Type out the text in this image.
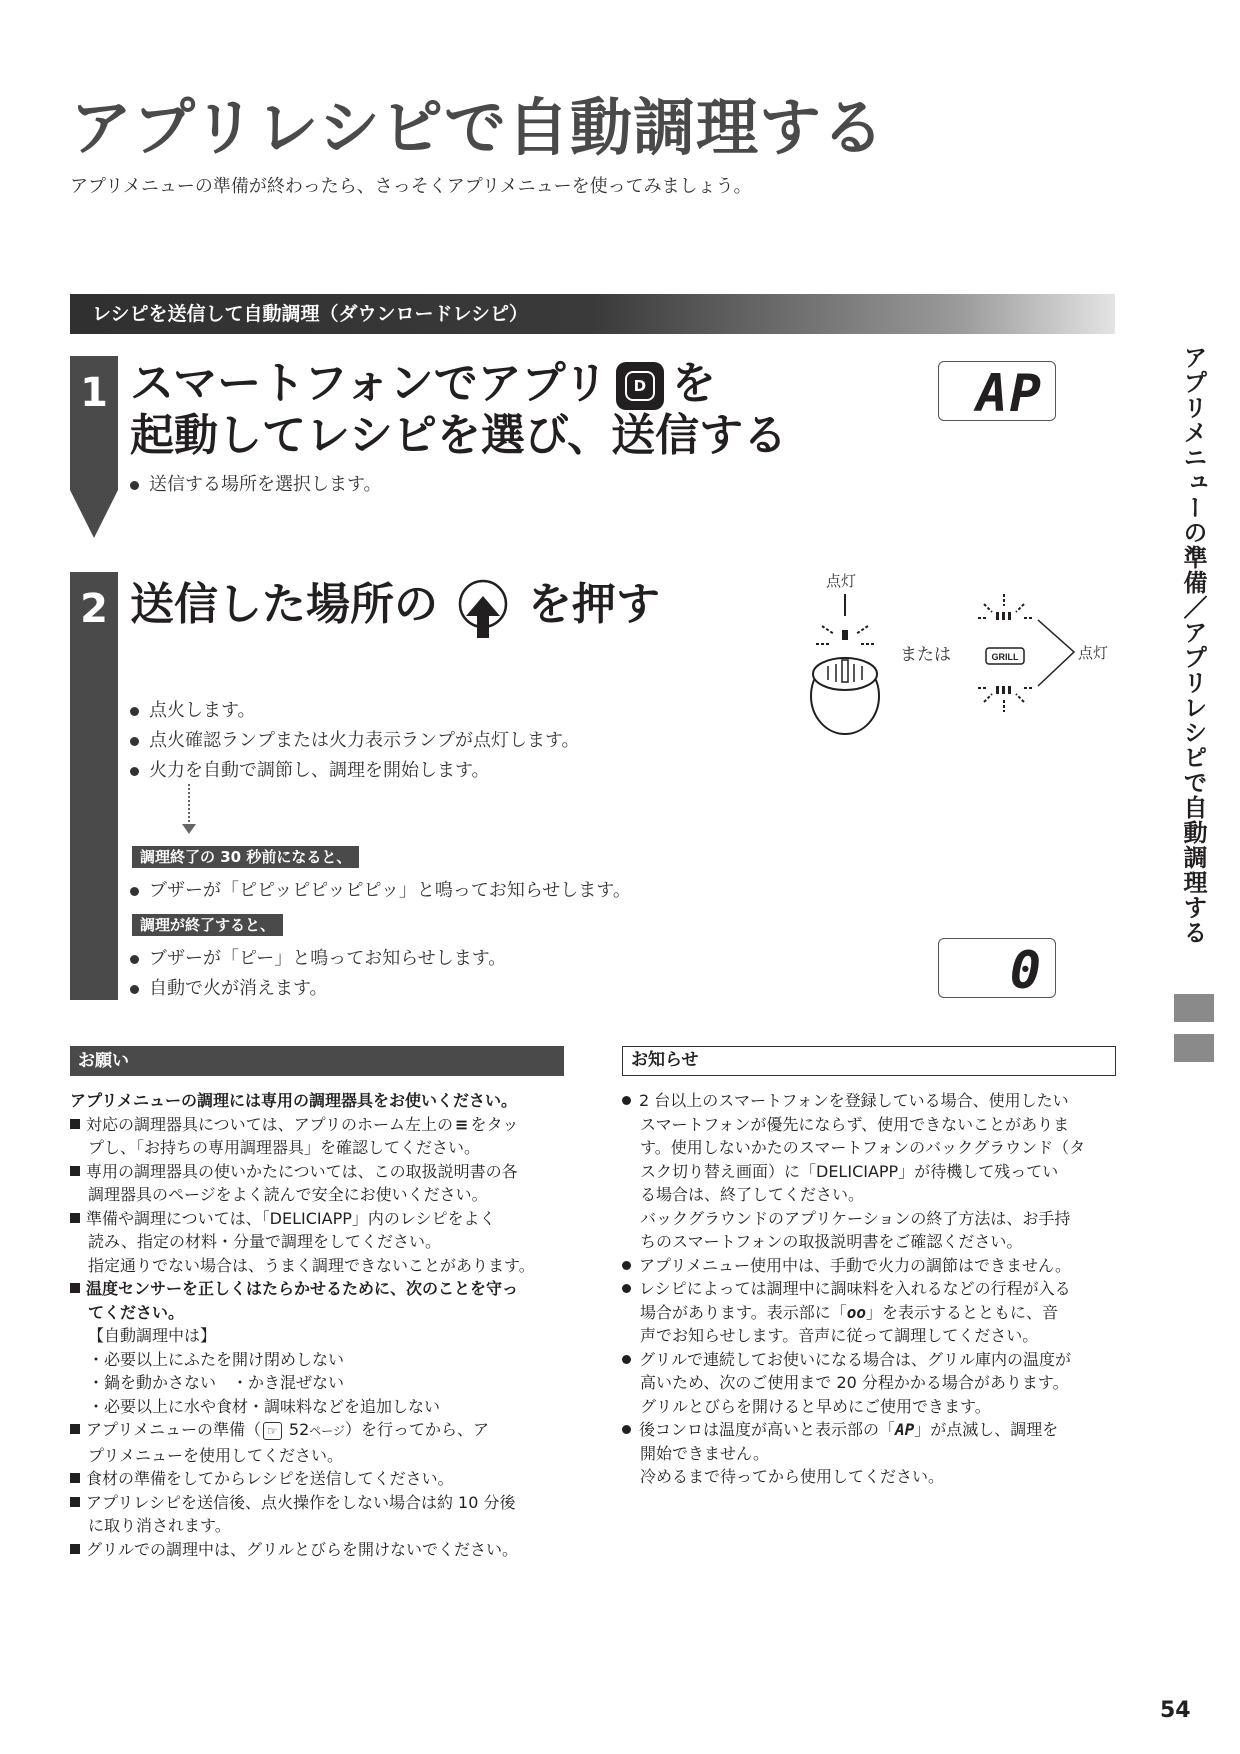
アプリレシピで自動調理する
アプリメニューの準備が終わったら、さっそくアプリメニューを使ってみましょう。
レシピを送信して自動調理（ダウンロードレシピ）
1 スマートフォンでアプリ	D を
起動してレシピを選び、送信する
送信する場所を選択します。
AP
2 送信した場所の を押す
点火します。
点火確認ランプまたは火力表示ランプが点灯します。
火力を自動で調節し、調理を開始します。
調理終了の 30 秒前になると、
ブザーが「ピピッピピッピピッ」と鳴ってお知らせします。
調理が終了すると、
ブザーが「ピー」と鳴ってお知らせします。
自動で火が消えます。	0
点灯
または	GRILL	点灯	アプリメニューの準備／アプリレシピで自動調理する
お願い
アプリメニューの調理には専用の調理器具をお使いください。
対応の調理器具については、アプリのホーム左上の ≡ をタッ
プし、「お持ちの専用調理器具」を確認してください。
専用の調理器具の使いかたについては、この取扱説明書の各
調理器具のページをよく読んで安全にお使いください。
準備や調理については、「DELICIAPP」内のレシピをよく
読み、指定の材料・分量で調理をしてください。
指定通りでない場合は、うまく調理できないことがあります。
温度センサーを正しくはたらかせるために、次のことを守っ
てください。
【自動調理中は】
・必要以上にふたを開け閉めしない
・鍋を動かさない　・かき混ぜない
・必要以上に水や食材・調味料などを追加しない
アプリメニューの準備（ ☞ 52ページ）を行ってから、ア
プリメニューを使用してください。
食材の準備をしてからレシピを送信してください。
アプリレシピを送信後、点火操作をしない場合は約 10 分後
に取り消されます。
グリルでの調理中は、グリルとびらを開けないでください。
お知らせ
2 台以上のスマートフォンを登録している場合、使用したい
スマートフォンが優先にならず、使用できないことがありま
す。使用しないかたのスマートフォンのバックグラウンド（タ
スク切り替え画面）に「DELICIAPP」が待機して残ってい
る場合は、終了してください。
バックグラウンドのアプリケーションの終了方法は、お手持
ちのスマートフォンの取扱説明書をご確認ください。
アプリメニュー使用中は、手動で火力の調節はできません。
レシピによっては調理中に調味料を入れるなどの行程が入る
場合があります。表示部に「oo」を表示するとともに、音
声でお知らせします。音声に従って調理してください。
グリルで連続してお使いになる場合は、グリル庫内の温度が
高いため、次のご使用まで 20 分程かかる場合があります。
グリルとびらを開けると早めにご使用できます。
後コンロは温度が高いと表示部の「AP」が点滅し、調理を
開始できません。
冷めるまで待ってから使用してください。
54
